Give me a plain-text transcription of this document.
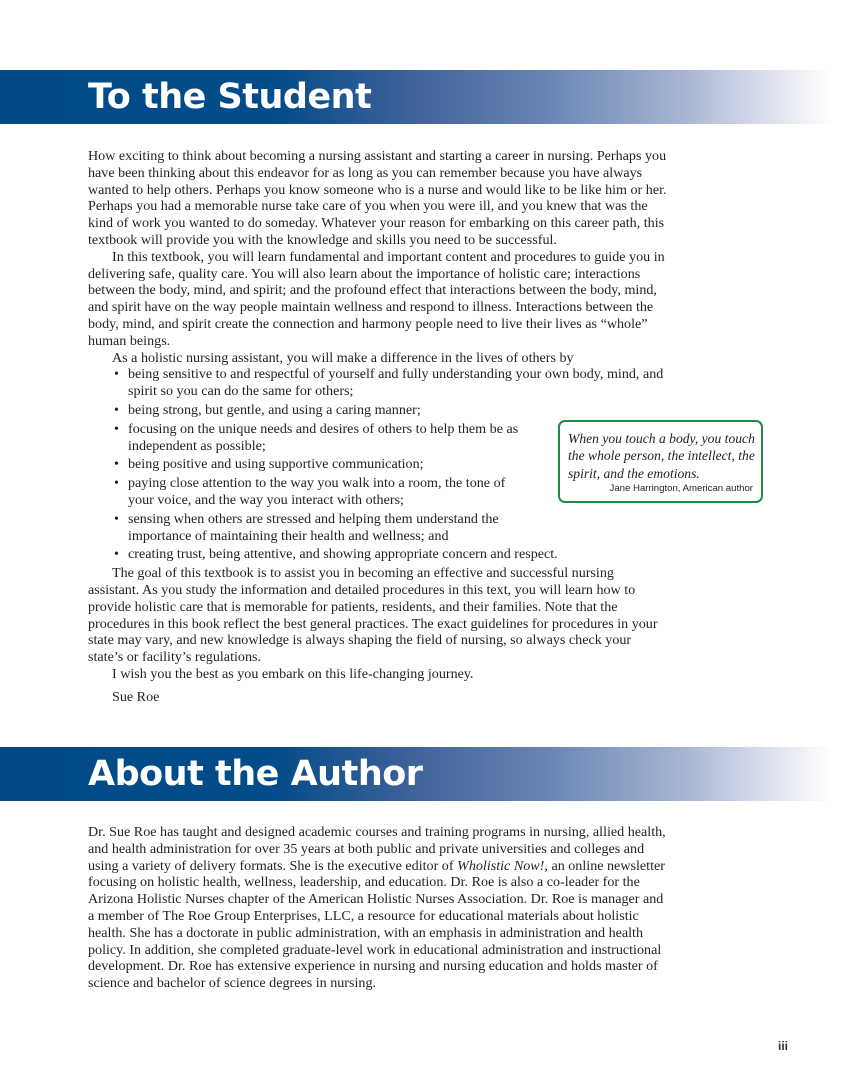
To the Student

How exciting to think about becoming a nursing assistant and starting a career in nursing. Perhaps you have been thinking about this endeavor for as long as you can remember because you have always wanted to help others. Perhaps you know someone who is a nurse and would like to be like him or her. Perhaps you had a memorable nurse take care of you when you were ill, and you knew that was the kind of work you wanted to do someday. Whatever your reason for embarking on this career path, this textbook will provide you with the knowledge and skills you need to be successful.

In this textbook, you will learn fundamental and important content and procedures to guide you in delivering safe, quality care. You will also learn about the importance of holistic care; interactions between the body, mind, and spirit; and the profound effect that interactions between the body, mind, and spirit have on the way people maintain wellness and respond to illness. Interactions between the body, mind, and spirit create the connection and harmony people need to live their lives as “whole” human beings.

As a holistic nursing assistant, you will make a difference in the lives of others by

• being sensitive to and respectful of yourself and fully understanding your own body, mind, and spirit so you can do the same for others;
• being strong, but gentle, and using a caring manner;
• focusing on the unique needs and desires of others to help them be as independent as possible;
• being positive and using supportive communication;
• paying close attention to the way you walk into a room, the tone of your voice, and the way you interact with others;
• sensing when others are stressed and helping them understand the importance of maintaining their health and wellness; and
• creating trust, being attentive, and showing appropriate concern and respect.

The goal of this textbook is to assist you in becoming an effective and successful nursing assistant. As you study the information and detailed procedures in this text, you will learn how to provide holistic care that is memorable for patients, residents, and their families. Note that the procedures in this book reflect the best general practices. The exact guidelines for procedures in your state may vary, and new knowledge is always shaping the field of nursing, so always check your state’s or facility’s regulations.

I wish you the best as you embark on this life-changing journey.

Sue Roe

When you touch a body, you touch the whole person, the intellect, the spirit, and the emotions.

Jane Harrington, American author

About the Author

Dr. Sue Roe has taught and designed academic courses and training programs in nursing, allied health, and health administration for over 35 years at both public and private universities and colleges and using a variety of delivery formats. She is the executive editor of Wholistic Now!, an online newsletter focusing on holistic health, wellness, leadership, and education. Dr. Roe is also a co-leader for the Arizona Holistic Nurses chapter of the American Holistic Nurses Association. Dr. Roe is manager and a member of The Roe Group Enterprises, LLC, a resource for educational materials about holistic health. She has a doctorate in public administration, with an emphasis in administration and health policy. In addition, she completed graduate-level work in educational administration and instructional development. Dr. Roe has extensive experience in nursing and nursing education and holds master of science and bachelor of science degrees in nursing.

iii
